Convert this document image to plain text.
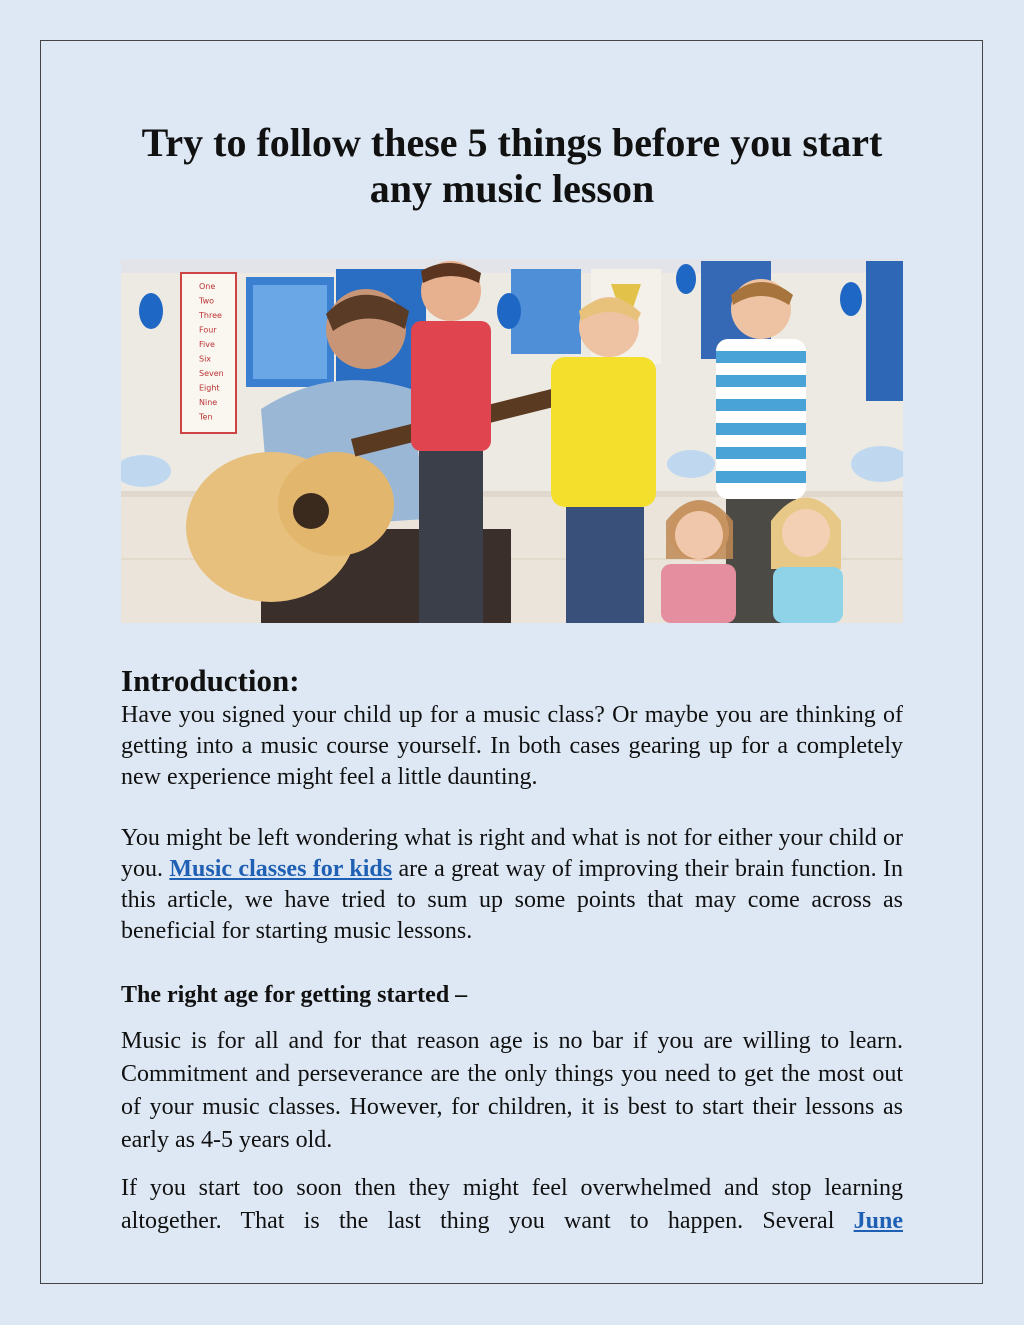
Try to follow these 5 things before you start
any music lesson
One
Two
Three
Four
Five
Six
Seven
Eight
Nine
Ten
Introduction:

Have you signed your child up for a music class? Or maybe you are thinking of getting into a music course yourself. In both cases gearing up for a completely new experience might feel a little daunting.

You might be left wondering what is right and what is not for either your child or you. Music classes for kids are a great way of improving their brain function. In this article, we have tried to sum up some points that may come across as beneficial for starting music lessons.

The right age for getting started –

Music is for all and for that reason age is no bar if you are willing to learn. Commitment and perseverance are the only things you need to get the most out of your music classes. However, for children, it is best to start their lessons as early as 4-5 years old.

If you start too soon then they might feel overwhelmed and stop learning altogether. That is the last thing you want to happen. Several June
